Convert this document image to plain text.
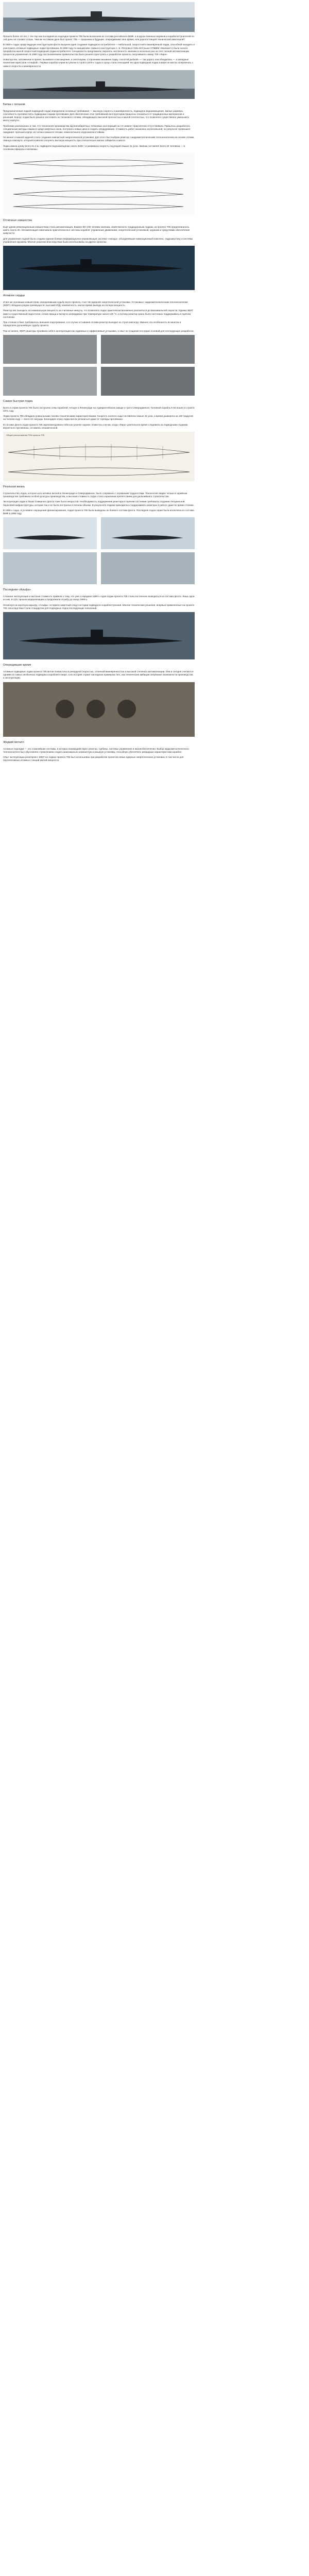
Прошло более 15 лет, с тех пор как последняя из подлодок проекта 705 была исключена из состава российского ВМФ, а в кругах военных моряков и корабелостроителей по сей день не стихают споры. Чем же на самом деле был проект 705 — прорывом в будущее, опередившим свое время, или дорогостоящей технической авантюрой?

В 1950-х годах среди ведущих конструкторов флота вызрела идея создания подводного истребителя — небольшой, скоростной и маневренной лодки, способной находить и уничтожать атомные подводные лодки противника. В 1959 году по инициативе главного конструктора А. Б. Петрова в СКБ-143 (ныне СПМБМ «Малахит») была начата проработка малой скоростной подводной лодки-истребителя. Специалисты предложили сократить численность экипажа в несколько раз за счет полной автоматизации процессов управления. В 1960 году постановлением правительства было решено приступить к разработке проекта, получившего номер 705 «Лира».

Новаторство, заложенное в проект, вызывало и восхищение, и скептицизм. Сторонники называли лодку «золотой рыбкой» — так дорого она обходилась — а западные аналитики окрестили «Альфой». Первые корабли серии вступили в строй в 1970-х годах и сразу стали сенсацией: ни одна подводная лодка в мире не могла соперничать с ними в скорости и маневренности.

Битва с титаном

Предназначенная лодкой подводной лодки определили основные требования — высокую скорость и маневренность, подводное водоизмещение, малые размеры, способность противостоять подводным лодкам противника. Для обеспечения этих требований конструкторам пришлось отказаться от традиционных материалов и решений. Корпус лодки было решено изготовить из титанового сплава, обладающего высокой прочностью и малой плотностью, что позволяло существенно уменьшить массу корпуса.

Проблема заключалась в том, что технология производства крупногабаритных титановых конструкций на тот момент практически отсутствовала. Пришлось разработать специальные методы сварки в среде инертных газов, построить новые цеха и создать оборудование. Стоимость работ оказалась колоссальной, но результат превзошел ожидания: прочный корпус из титана оказался легким, немагнитным и коррозионностойким.

Не менее сложной задачей стало создание компактной энергетической установки. Для этого был выбран реактор с жидкометаллическим теплоносителем на основе сплава свинца и висмута, который позволял получить высокую мощность при относительно малых габаритах и массе.

Лодка имела длину всего 81,4 м, подводное водоизмещение около 3180 т и развивала скорость под водой свыше 41 узла. Экипаж составлял всего 32 человека — в основном офицеры и мичманы.

Отличные новшества

Ещё одним революционным новшеством стала автоматизация. Взамен 80–100 человек экипажа, свойственного традиционным лодкам, на проекте 705 предполагалось иметь около 30. Автоматизация охватывала практически все системы корабля: управление движением, энергетической установкой, оружием и средствами обеспечения живучести.

Для управления лодкой была создана единая боевая информационно-управляющая система «Аккорд», объединявшая навигационный комплекс, гидроакустику и системы управления оружием. Многие решения впоследствии были использованы на других проектах.

Атомное сердце

И все же основным новшеством, определившим судьбу всего проекта, стал тип ядерной энергетической установки. Установка с жидкометаллическим теплоносителем (ЖМТ) обладала рядом преимуществ: высокий КПД, компактность, малое время вывода на полную мощность.

Реактор мог выходить на номинальную мощность за считанные минуты, что позволяло лодке практически мгновенно разгоняться до максимальной скорости. Однако ЖМТ имел и существенный недостаток: сплав свинца и висмута затвердевал при температуре около 125 °С, и потому реактор нужно было постоянно поддерживать в горячем состоянии.

При стоянке в базе требовалось внешнее подогревание, а в случае остывания сплава реактор выходил из строя навсегда. Именно эта особенность во многом и определила дальнейшую судьбу проекта.

Тем не менее, ЖМТ-реакторы проявили себя в эксплуатации как надежные и эффективные установки, а опыт их создания послужил основой для последующих разработок.

Самая быстрая лодка

Всего в серии проекта 705 было построено семь кораблей: четыре в Ленинграде на Адмиралтейском заводе и три в Северодвинске. Головной корабль К-64 вошел в строй в 1971 году.

Лодки проекта 705 обладали уникальными тактико-техническими характеристиками. Скорость полного хода составляла свыше 41 узла, а время разворота на 180 градусов на полном ходу — всего 42 секунды. Благодаря этому лодка могла уклониться даже от торпеды противника.

В составе флота лодки проекта 705 зарекомендовали себя как грозное оружие. Известны случаи, когда «Лира» длительное время следовала за подводными лодками вероятного противника, оставаясь незамеченной.

Общее расположение ПЛА проекта 705
Реальная жизнь

Строительство лодок, которое шло активно весной в Ленинграде и Северодвинске, было сопряжено с огромными трудностями. Технология сварки титана в серийном производстве требовала особой культуры производства, а высокая стоимость лодок стала серьезным препятствием для дальнейшего строительства.

Эксплуатация лодок в базах Северного флота тоже была непростой. Необходимость поддержания реактора в горячем состоянии требовала создания специальной береговой инфраструктуры, которая так и не была построена в полном объеме. В результате лодкам приходилось поддерживать реакторы в работе даже во время стоянки.

В 1990-х годах, в условиях сокращения финансирования, лодки проекта 705 были выведены из боевого состава флота. Последняя лодка серии была исключена из состава ВМФ в 1996 году.

Последняя «Альфа»

Сложная эксплуатация и высокая стоимость привели к тому, что уже к середине 1980-х годов лодки проекта 705 стали постепенно выводиться из состава флота. Лишь одна из них, К-123, прошла модернизацию и продолжала службу до конца 1990-х.

Несмотря на короткую карьеру, «Альфы» оставили заметный след в истории подводного кораблестроения. Многие технические решения, впервые примененные на проекте 705, впоследствии стали стандартом для подводных лодок последующих поколений.

Опередившие время

Атомные подводные лодки проекта 705 могли похвастаться рекордной скоростью, отличной маневренностью и высокой степенью автоматизации. Они и сегодня считаются одними из самых необычных подводных кораблей в мире, а их история служит наглядным примером того, как технические амбиции опережают возможности производства и эксплуатации.

Жидкий металл

Атомные подлодки — это сложнейшие системы, в которых взаимодействуют реактор, турбины, системы управления и жизнеобеспечения. Выбор жидкометаллического теплоносителя был обусловлен стремлением создать максимально компактную и мощную установку, способную обеспечить рекордные характеристики корабля.

Опыт эксплуатации реакторов с ЖМТ на лодках проекта 705 был использован при разработке проектов новых ядерных энергетических установок, в том числе для перспективных атомных станций малой мощности.
